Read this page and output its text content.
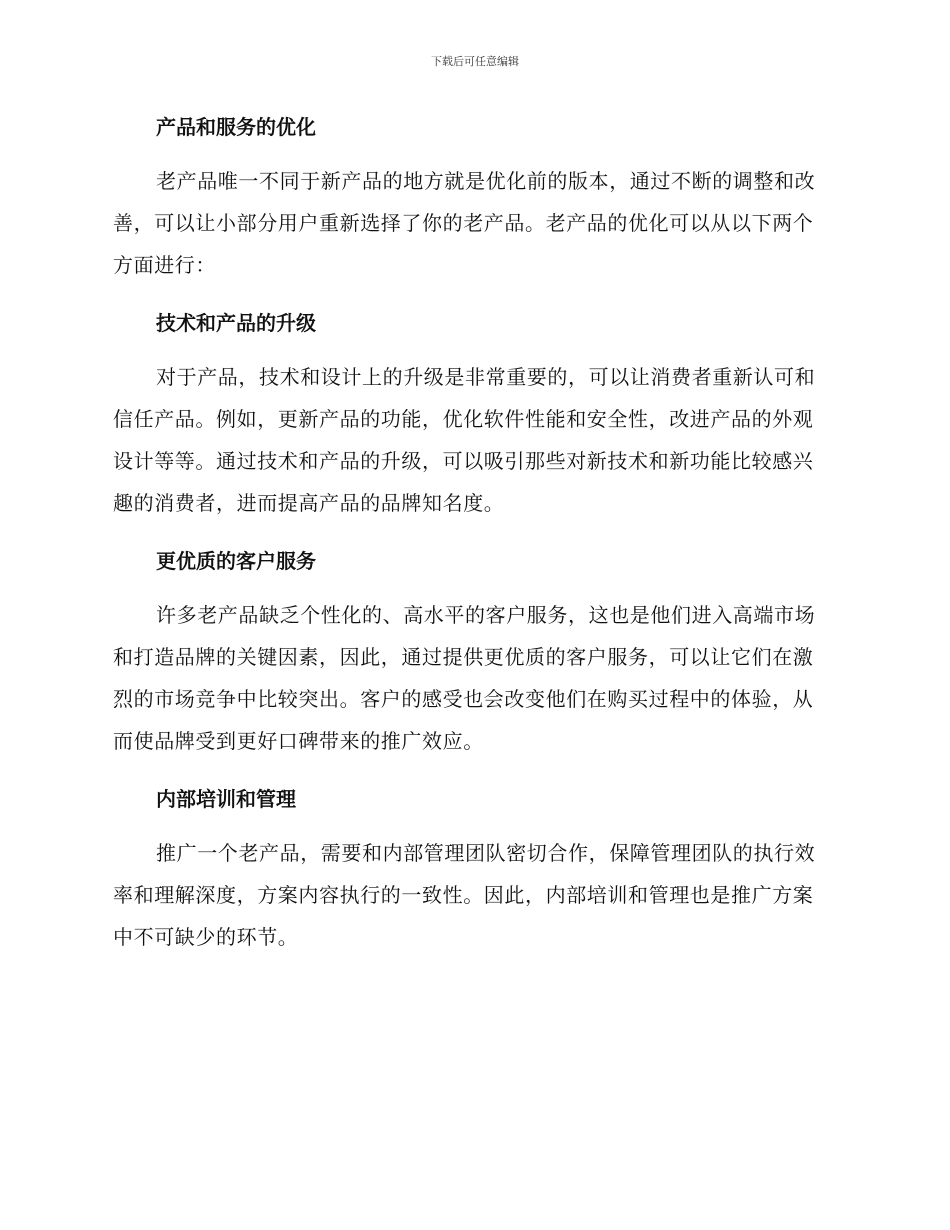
下载后可任意编辑
产品和服务的优化

老产品唯一不同于新产品的地方就是优化前的版本，通过不断的调整和改善，可以让小部分用户重新选择了你的老产品。老产品的优化可以从以下两个方面进行：

技术和产品的升级

对于产品，技术和设计上的升级是非常重要的，可以让消费者重新认可和信任产品。例如，更新产品的功能，优化软件性能和安全性，改进产品的外观设计等等。通过技术和产品的升级，可以吸引那些对新技术和新功能比较感兴趣的消费者，进而提高产品的品牌知名度。

更优质的客户服务

许多老产品缺乏个性化的、高水平的客户服务，这也是他们进入高端市场和打造品牌的关键因素，因此，通过提供更优质的客户服务，可以让它们在激烈的市场竞争中比较突出。客户的感受也会改变他们在购买过程中的体验，从而使品牌受到更好口碑带来的推广效应。

内部培训和管理

推广一个老产品，需要和内部管理团队密切合作，保障管理团队的执行效率和理解深度，方案内容执行的一致性。因此，内部培训和管理也是推广方案中不可缺少的环节。
